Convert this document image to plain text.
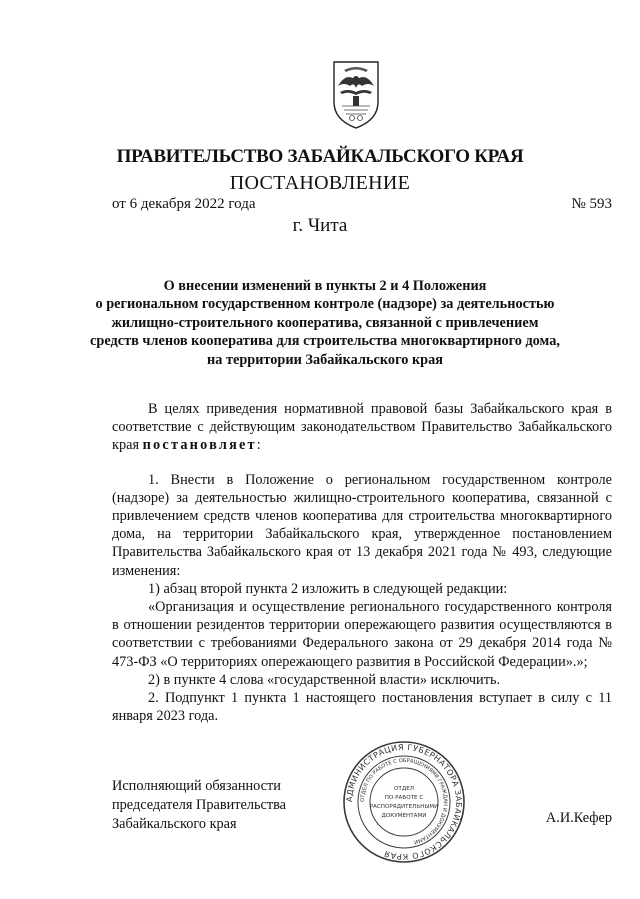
ПРАВИТЕЛЬСТВО ЗАБАЙКАЛЬСКОГО КРАЯ
ПОСТАНОВЛЕНИЕ
от 6 декабря 2022 года	№ 593
г. Чита
О внесении изменений в пункты 2 и 4 Положения
о региональном государственном контроле (надзоре) за деятельностью
жилищно-строительного кооператива, связанной с привлечением
средств членов кооператива для строительства многоквартирного дома,
на территории Забайкальского края

В целях приведения нормативной правовой базы Забайкальского края в соответствие с действующим законодательством Правительство Забайкальского края постановляет:

1. Внести в Положение о региональном государственном контроле (надзоре) за деятельностью жилищно-строительного кооператива, связанной с привлечением средств членов кооператива для строительства многоквартирного дома, на территории Забайкальского края, утвержденное постановлением Правительства Забайкальского края от 13 декабря 2021 года № 493, следующие изменения:

1) абзац второй пункта 2 изложить в следующей редакции:

«Организация и осуществление регионального государственного контроля в отношении резидентов территории опережающего развития осуществляются в соответствии с требованиями Федерального закона от 29 декабря 2014 года № 473-ФЗ «О территориях опережающего развития в Российской Федерации».»;

2) в пункте 4 слова «государственной власти» исключить.

2. Подпункт 1 пункта 1 настоящего постановления вступает в силу с 11 января 2023 года.

Исполняющий обязанности
председателя Правительства
Забайкальского края	А.И.Кефер
АДМИНИСТРАЦИЯ ГУБЕРНАТОРА ЗАБАЙКАЛЬСКОГО КРАЯ
ОТДЕЛ ПО РАБОТЕ С ОБРАЩЕНИЯМИ ГРАЖДАН И ДОКУМЕНТАМИ
ОТДЕЛ
ПО РАБОТЕ С
РАСПОРЯДИТЕЛЬНЫМИ
ДОКУМЕНТАМИ
